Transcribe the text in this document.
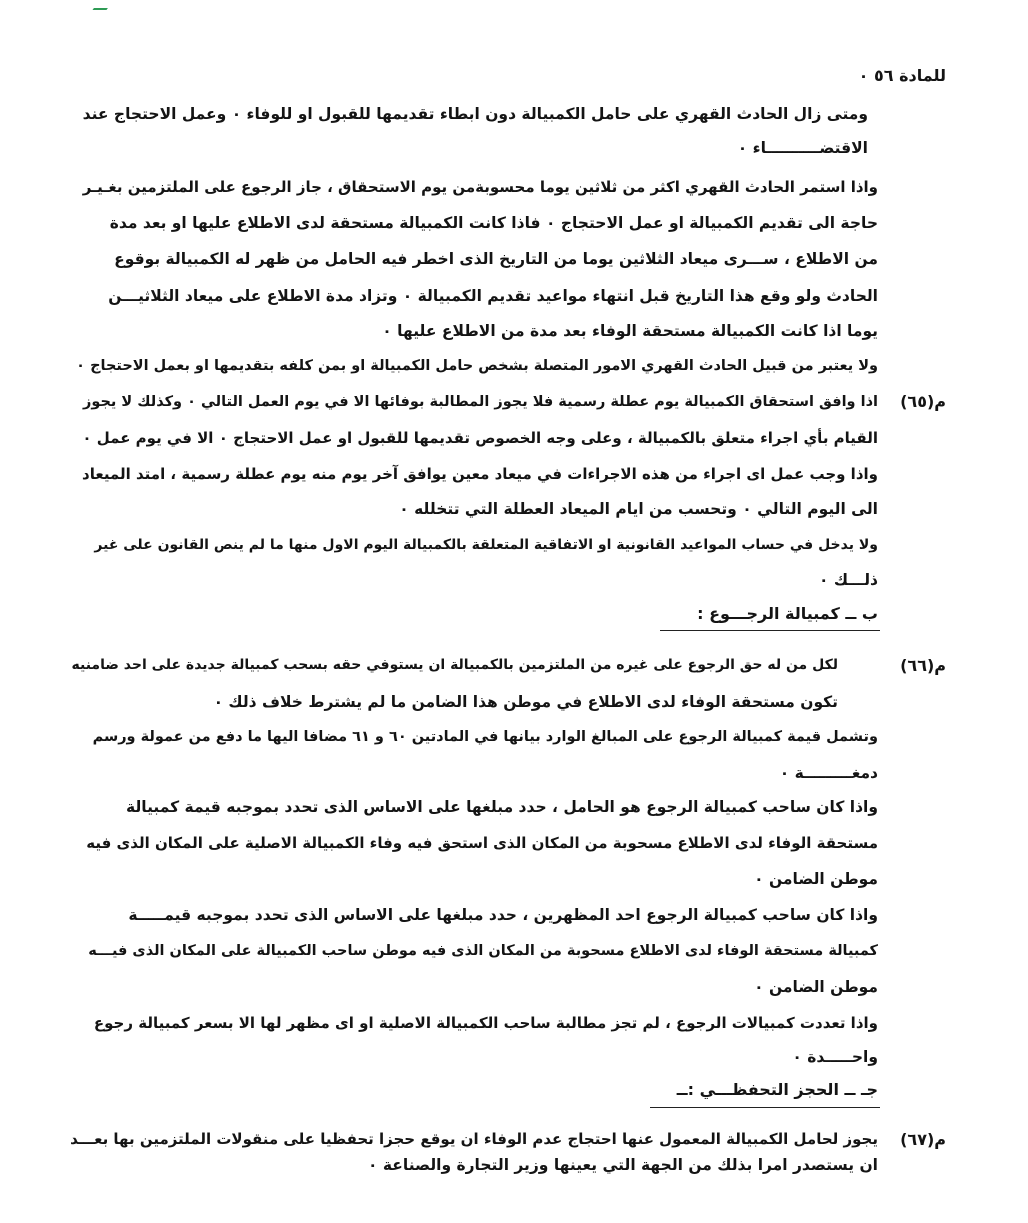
للمادة ٥٦ ٠
ومتى زال الحادث القهري على حامل الكمبيالة دون ابطاء تقديمها للقبول او للوفاء ٠ وعمل الاحتجاج عند
الاقتضــــــــــاء ٠
واذا استمر الحادث القهري اكثر من ثلاثين يوما محسوبةمن يوم الاستحقاق ، جاز الرجوع على الملتزمين بغـيـر
حاجة الى تقديم الكمبيالة او عمل الاحتجاج ٠ فاذا كانت الكمبيالة مستحقة لدى الاطلاع عليها او بعد مدة
من الاطلاع ، ســـرى ميعاد الثلاثين يوما من التاريخ الذى اخطر فيه الحامل من ظهر له الكمبيالة بوقوع
الحادث ولو وقع هذا التاريخ قبل انتهاء مواعيد تقديم الكمبيالة ٠ وتزاد مدة الاطلاع على ميعاد الثلاثيـــن
يوما اذا كانت الكمبيالة مستحقة الوفاء بعد مدة من الاطلاع عليها ٠
ولا يعتبر من قبيل الحادث القهري الامور المتصلة بشخص حامل الكمبيالة او بمن كلفه بتقديمها او بعمل الاحتجاج ٠
م(٦٥)
اذا وافق استحقاق الكمبيالة يوم عطلة رسمية فلا يجوز المطالبة بوفائها الا في يوم العمل التالي ٠ وكذلك لا يجوز
القيام بأي اجراء متعلق بالكمبيالة ، وعلى وجه الخصوص تقديمها للقبول او عمل الاحتجاج ٠ الا في يوم عمل ٠
واذا وجب عمل اى اجراء من هذه الاجراءات في ميعاد معين يوافق آخر يوم منه يوم عطلة رسمية ، امتد الميعاد
الى اليوم التالي ٠ وتحسب من ايام الميعاد العطلة التي تتخلله ٠
ولا يدخل في حساب المواعيد القانونية او الاتفاقية المتعلقة بالكمبيالة اليوم الاول منها ما لم ينص القانون على غير
ذلـــك ٠
ب ــ كمبيالة الرجـــوع :
م(٦٦)
لكل من له حق الرجوع على غيره من الملتزمين بالكمبيالة ان يستوفي حقه بسحب كمبيالة جديدة على احد ضامنيه
تكون مستحقة الوفاء لدى الاطلاع في موطن هذا الضامن ما لم يشترط خلاف ذلك ٠
وتشمل قيمة كمبيالة الرجوع على المبالغ الوارد بيانها في المادتين ٦٠ و ٦١ مضافا اليها ما دفع من عمولة ورسم
دمغـــــــــة ٠
واذا كان ساحب كمبيالة الرجوع هو الحامل ، حدد مبلغها على الاساس الذى تحدد بموجبه قيمة كمبيالة
مستحقة الوفاء لدى الاطلاع مسحوبة من المكان الذى استحق فيه وفاء الكمبيالة الاصلية على المكان الذى فيه
موطن الضامن ٠
واذا كان ساحب كمبيالة الرجوع احد المظهرين ، حدد مبلغها على الاساس الذى تحدد بموجبه قيمـــــة
كمبيالة مستحقة الوفاء لدى الاطلاع مسحوبة من المكان الذى فيه موطن ساحب الكمبيالة على المكان الذى فيـــه
موطن الضامن ٠
واذا تعددت كمبيالات الرجوع ، لم تجز مطالبة ساحب الكمبيالة الاصلية او اى مظهر لها الا بسعر كمبيالة رجوع
واحـــــدة ٠
جـ ــ الحجز التحفظـــي :ــ
م(٦٧)
يجوز لحامل الكمبيالة المعمول عنها احتجاج عدم الوفاء ان يوقع حجزا تحفظيا على منقولات الملتزمين بها بعـــد
ان يستصدر امرا بذلك من الجهة التي يعينها وزير التجارة والصناعة ٠
